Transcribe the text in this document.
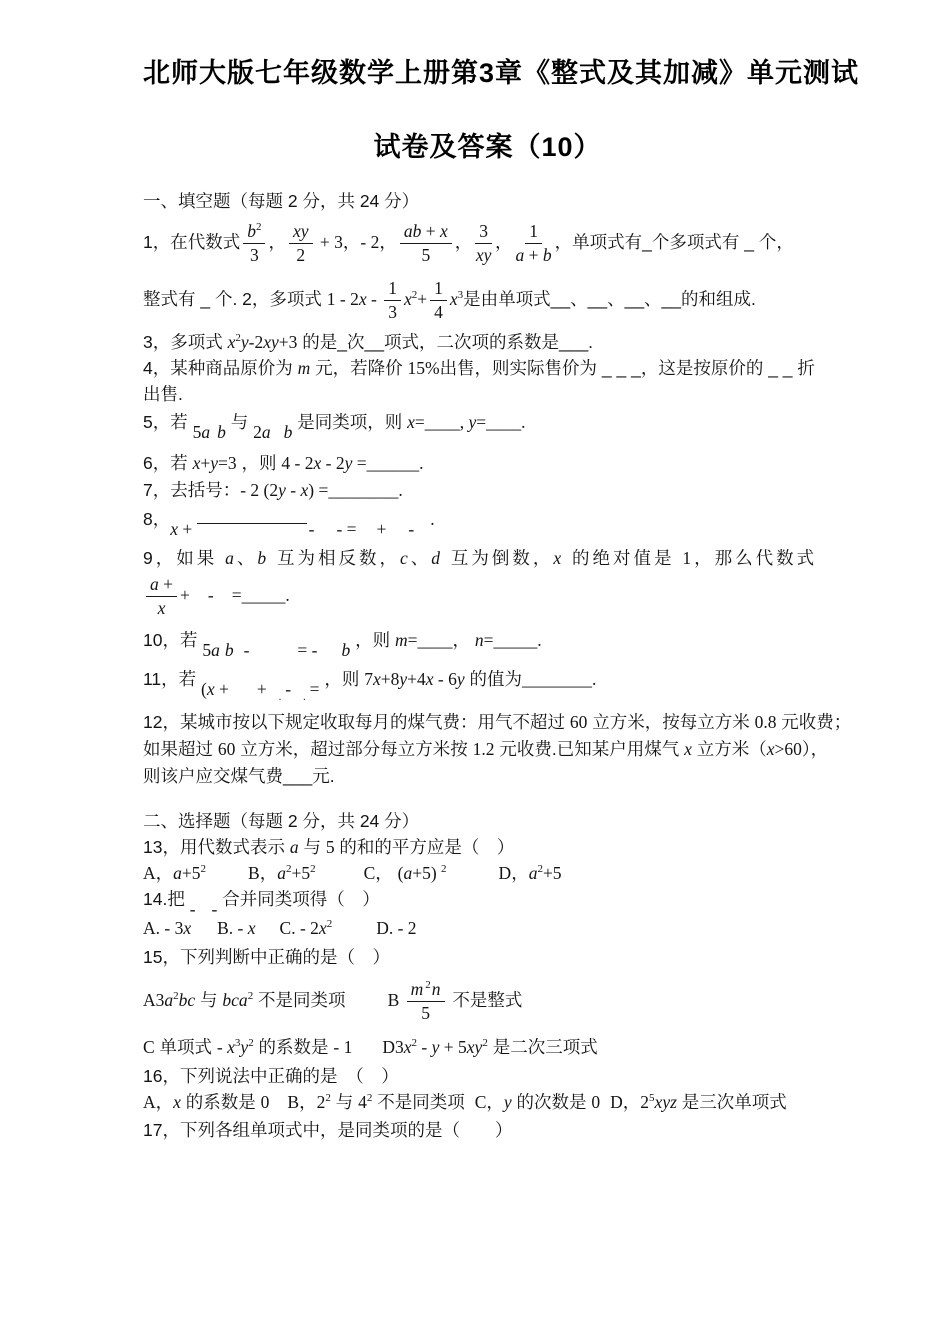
北师大版七年级数学上册第3章《整式及其加减》单元测试
试卷及答案（10）
一、填空题（每题 2 分，共 24 分）
1，在代数式 $\frac{b^2}{3}$ ， $\frac{xy}{2} + 3$，- 2， $\frac{ab + x}{5}$ ， $\frac{3}{xy}$ ， $\frac{1}{a + b}$ ，单项式有_个多项式有 _ 个，
整式有 _ 个. 2，多项式 $1 - 2x - \frac{1}{3} x^2+ \frac{1}{4} x^3$是由单项式__、__、__、__的和组成.
3，多项式 $x^2y-2xy+3$ 的是_次__项式，二次项的系数是___.
4，某种商品原价为 m 元，若降价 15%出售，则实际售价为 _ _ _，这是按原价的 _ _ 折
出售.
5，若 5a b 与 2a b 是同类项，则 x=____, y=____.
6，若 x+y=3 ，则 4 - 2x - 2y =______.
7，去括号：- 2 (2y - x) =________.
8，x +	- - = + - .
9，如果 a、b 互为相反数，c、d 互为倒数，x 的绝对值是 1，那么代数式
$\frac{a +}{x}$ + - =_____.
10，若 5a b -	= - b ，则 m=____， n=_____.
11，若 (x + + $_.$ - $_.$ = ，则 7x+8y+4x - 6y 的值为________.
12，某城市按以下规定收取每月的煤气费：用气不超过 60 立方米，按每立方米 0.8 元收费；
如果超过 60 立方米，超过部分每立方米按 1.2 元收费.已知某户用煤气 x 立方米（x>60），
则该户应交煤气费___元.
二、选择题（每题 2 分，共 24 分）
13，用代数式表示 a 与 5 的和的平方应是（　）
A，$a+5^2$ B，$a^2+5^2$	C， (a+5) $^2$	D，$a^2+5$
14.把 - - 合并同类项得（　）
A. - 3x B. - x C. - $2x^2$	D. - 2
15，下列判断中正确的是（　）
$A3a^2bc$ 与 bca$^2$ 不是同类项 B $\frac{m ^2n}{5}$ 不是整式
C 单项式 - $x^3y^2$ 的系数是 - 1 $D3x^2 - y + 5xy^2$ 是二次三项式
16，下列说法中正确的是　（　）
A，x 的系数是 0 B，$2^2$ 与 $4^2$ 不是同类项 C，y 的次数是 0 D，$2^5xyz$ 是三次单项式
17，下列各组单项式中，是同类项的是（　　）
